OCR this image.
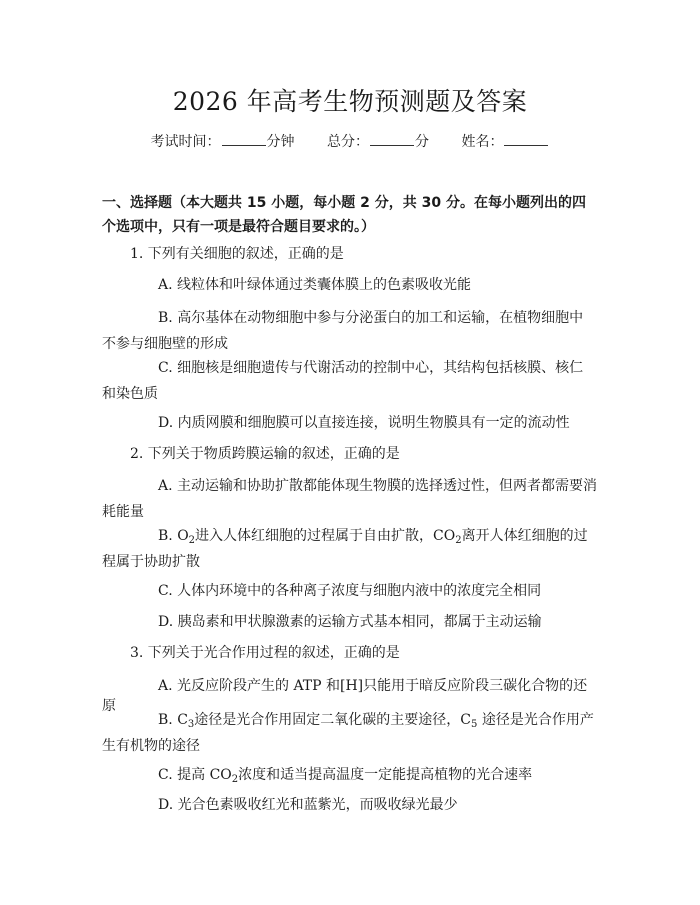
2026 年高考生物预测题及答案
考试时间：	分钟 总分：	分 姓名：
一、选择题（本大题共 15 小题，每小题 2 分，共 30 分。在每小题列出的四个选项中，只有一项是最符合题目要求的。）
1. 下列有关细胞的叙述，正确的是
A. 线粒体和叶绿体通过类囊体膜上的色素吸收光能
B. 高尔基体在动物细胞中参与分泌蛋白的加工和运输，在植物细胞中不参与细胞壁的形成
C. 细胞核是细胞遗传与代谢活动的控制中心，其结构包括核膜、核仁和染色质
D. 内质网膜和细胞膜可以直接连接，说明生物膜具有一定的流动性
2. 下列关于物质跨膜运输的叙述，正确的是
A. 主动运输和协助扩散都能体现生物膜的选择透过性，但两者都需要消耗能量
B. $O_2$进入人体红细胞的过程属于自由扩散，$CO_2$离开人体红细胞的过程属于协助扩散
C. 人体内环境中的各种离子浓度与细胞内液中的浓度完全相同
D. 胰岛素和甲状腺激素的运输方式基本相同，都属于主动运输
3. 下列关于光合作用过程的叙述，正确的是
A. 光反应阶段产生的 ATP 和[H]只能用于暗反应阶段三碳化合物的还原
B. $C_3$途径是光合作用固定二氧化碳的主要途径，$C_5$ 途径是光合作用产生有机物的途径
C. 提高 $CO_2$浓度和适当提高温度一定能提高植物的光合速率
D. 光合色素吸收红光和蓝紫光，而吸收绿光最少
